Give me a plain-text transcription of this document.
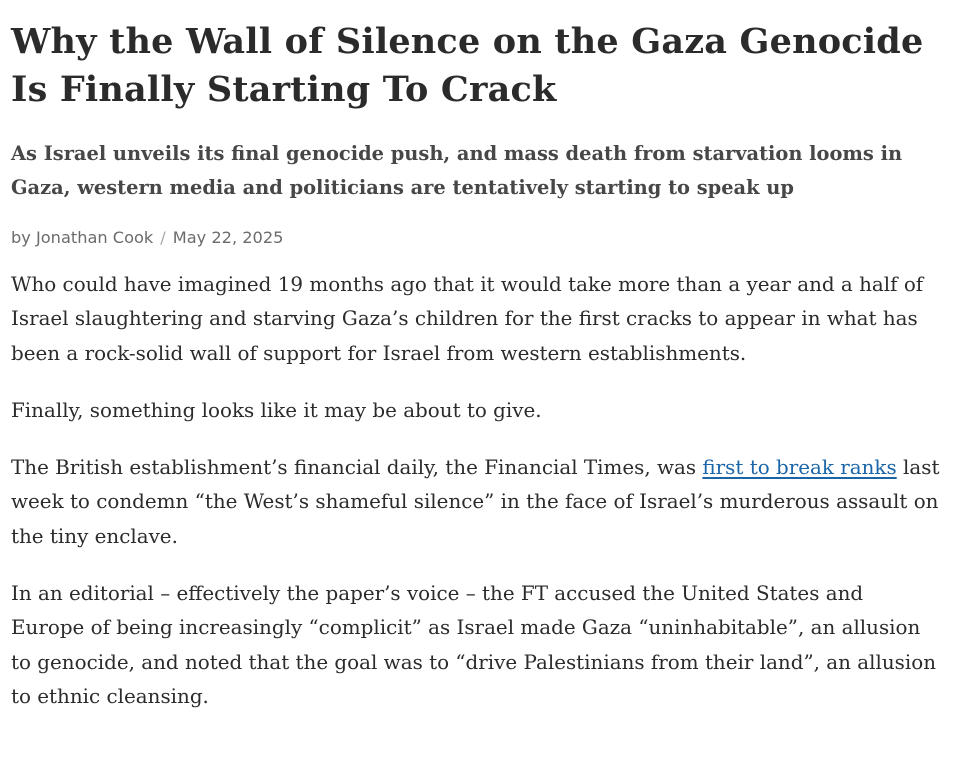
Why the Wall of Silence on the Gaza Genocide Is Finally Starting To Crack
As Israel unveils its final genocide push, and mass death from starvation looms in Gaza, western media and politicians are tentatively starting to speak up
by Jonathan Cook / May 22, 2025

Who could have imagined 19 months ago that it would take more than a year and a half of Israel slaughtering and starving Gaza’s children for the first cracks to appear in what has been a rock-solid wall of support for Israel from western establishments.

Finally, something looks like it may be about to give.

The British establishment’s financial daily, the Financial Times, was first to break ranks last week to condemn “the West’s shameful silence” in the face of Israel’s murderous assault on the tiny enclave.

In an editorial – effectively the paper’s voice – the FT accused the United States and Europe of being increasingly “complicit” as Israel made Gaza “uninhabitable”, an allusion to genocide, and noted that the goal was to “drive Palestinians from their land”, an allusion to ethnic cleansing.
